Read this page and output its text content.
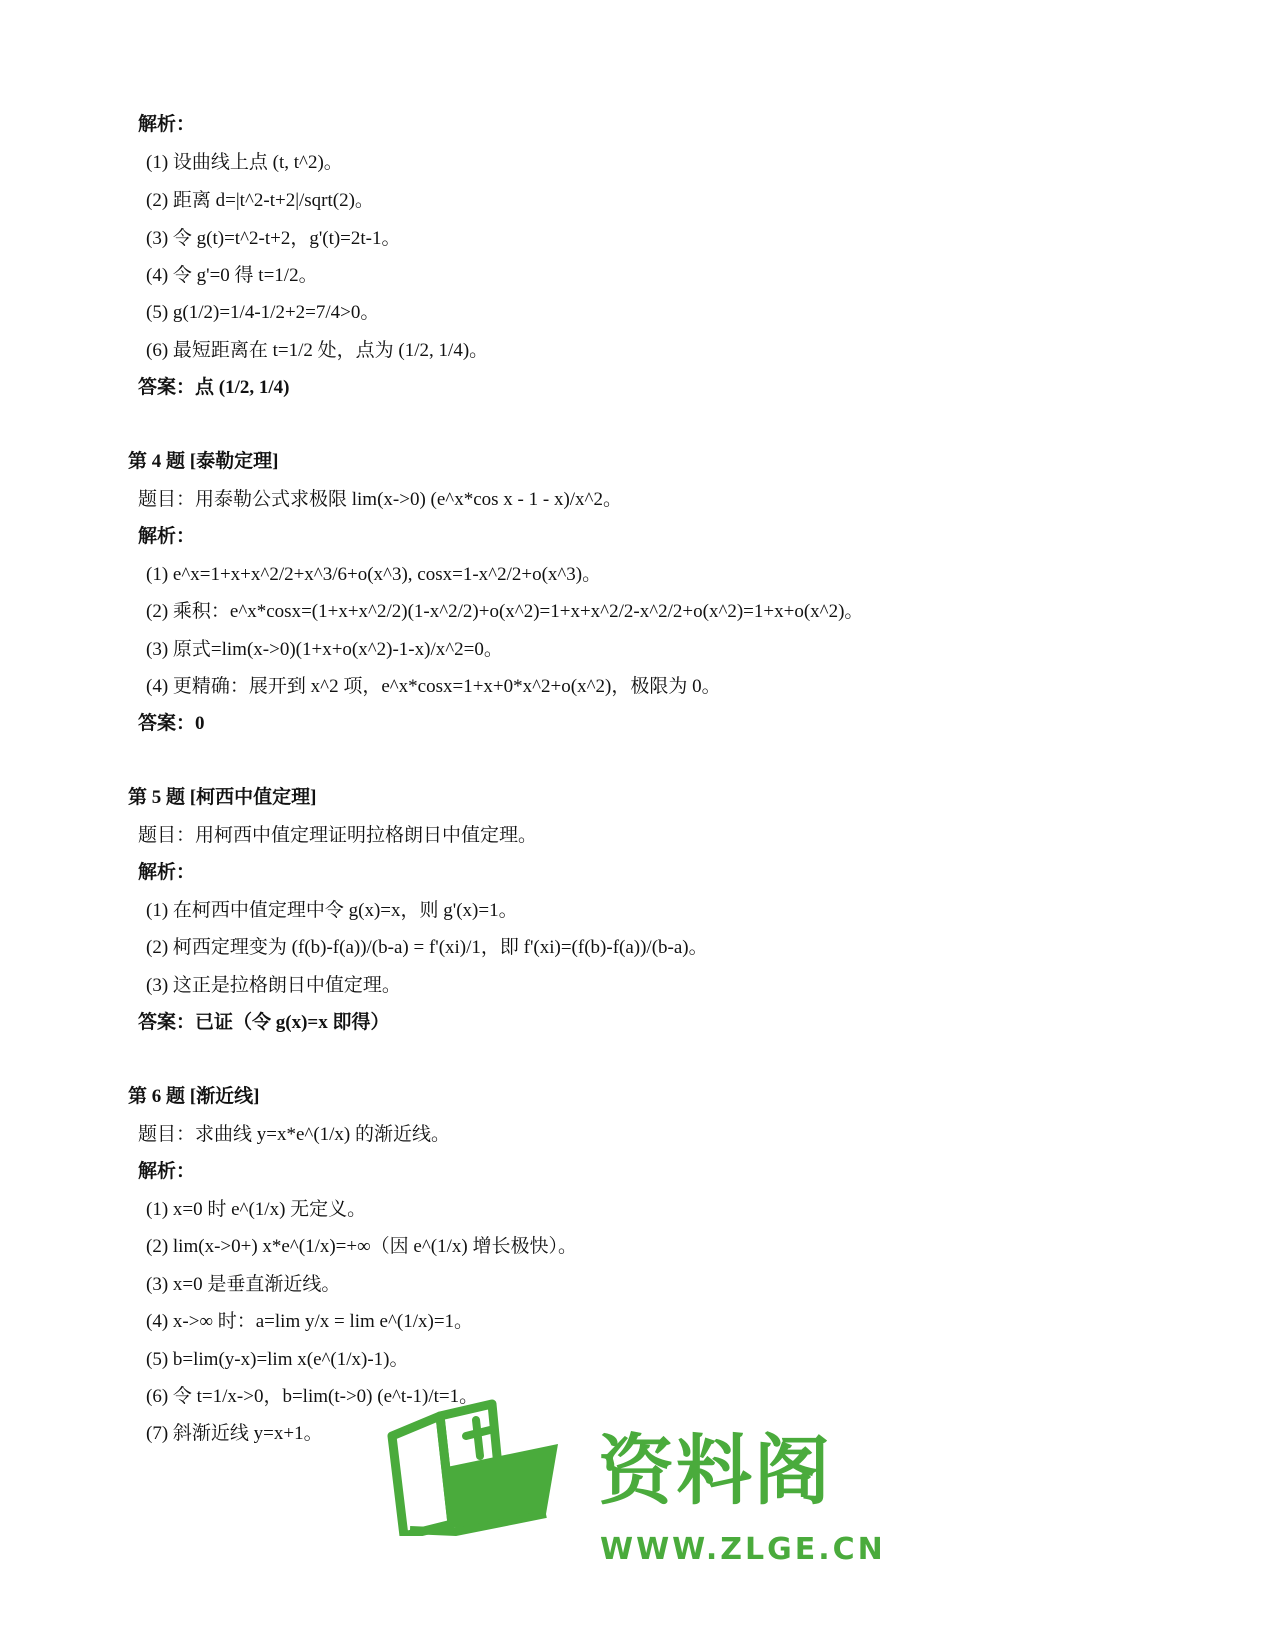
解析：
(1) 设曲线上点 (t, t^2)。
(2) 距离 d=|t^2-t+2|/sqrt(2)。
(3) 令 g(t)=t^2-t+2，g'(t)=2t-1。
(4) 令 g'=0 得 t=1/2。
(5) g(1/2)=1/4-1/2+2=7/4>0。
(6) 最短距离在 t=1/2 处，点为 (1/2, 1/4)。
答案：点 (1/2, 1/4)
第 4 题 [泰勒定理]
题目：用泰勒公式求极限 lim(x->0) (e^x*cos x - 1 - x)/x^2。
解析：
(1) e^x=1+x+x^2/2+x^3/6+o(x^3), cosx=1-x^2/2+o(x^3)。
(2) 乘积：e^x*cosx=(1+x+x^2/2)(1-x^2/2)+o(x^2)=1+x+x^2/2-x^2/2+o(x^2)=1+x+o(x^2)。
(3) 原式=lim(x->0)(1+x+o(x^2)-1-x)/x^2=0。
(4) 更精确：展开到 x^2 项，e^x*cosx=1+x+0*x^2+o(x^2)，极限为 0。
答案：0
第 5 题 [柯西中值定理]
题目：用柯西中值定理证明拉格朗日中值定理。
解析：
(1) 在柯西中值定理中令 g(x)=x，则 g'(x)=1。
(2) 柯西定理变为 (f(b)-f(a))/(b-a) = f'(xi)/1，即 f'(xi)=(f(b)-f(a))/(b-a)。
(3) 这正是拉格朗日中值定理。
答案：已证（令 g(x)=x 即得）
第 6 题 [渐近线]
题目：求曲线 y=x*e^(1/x) 的渐近线。
解析：
(1) x=0 时 e^(1/x) 无定义。
(2) lim(x->0+) x*e^(1/x)=+∞（因 e^(1/x) 增长极快）。
(3) x=0 是垂直渐近线。
(4) x->∞ 时：a=lim y/x = lim e^(1/x)=1。
(5) b=lim(y-x)=lim x(e^(1/x)-1)。
(6) 令 t=1/x->0，b=lim(t->0) (e^t-1)/t=1。
(7) 斜渐近线 y=x+1。	资料阁
WWW.ZLGE.CN
